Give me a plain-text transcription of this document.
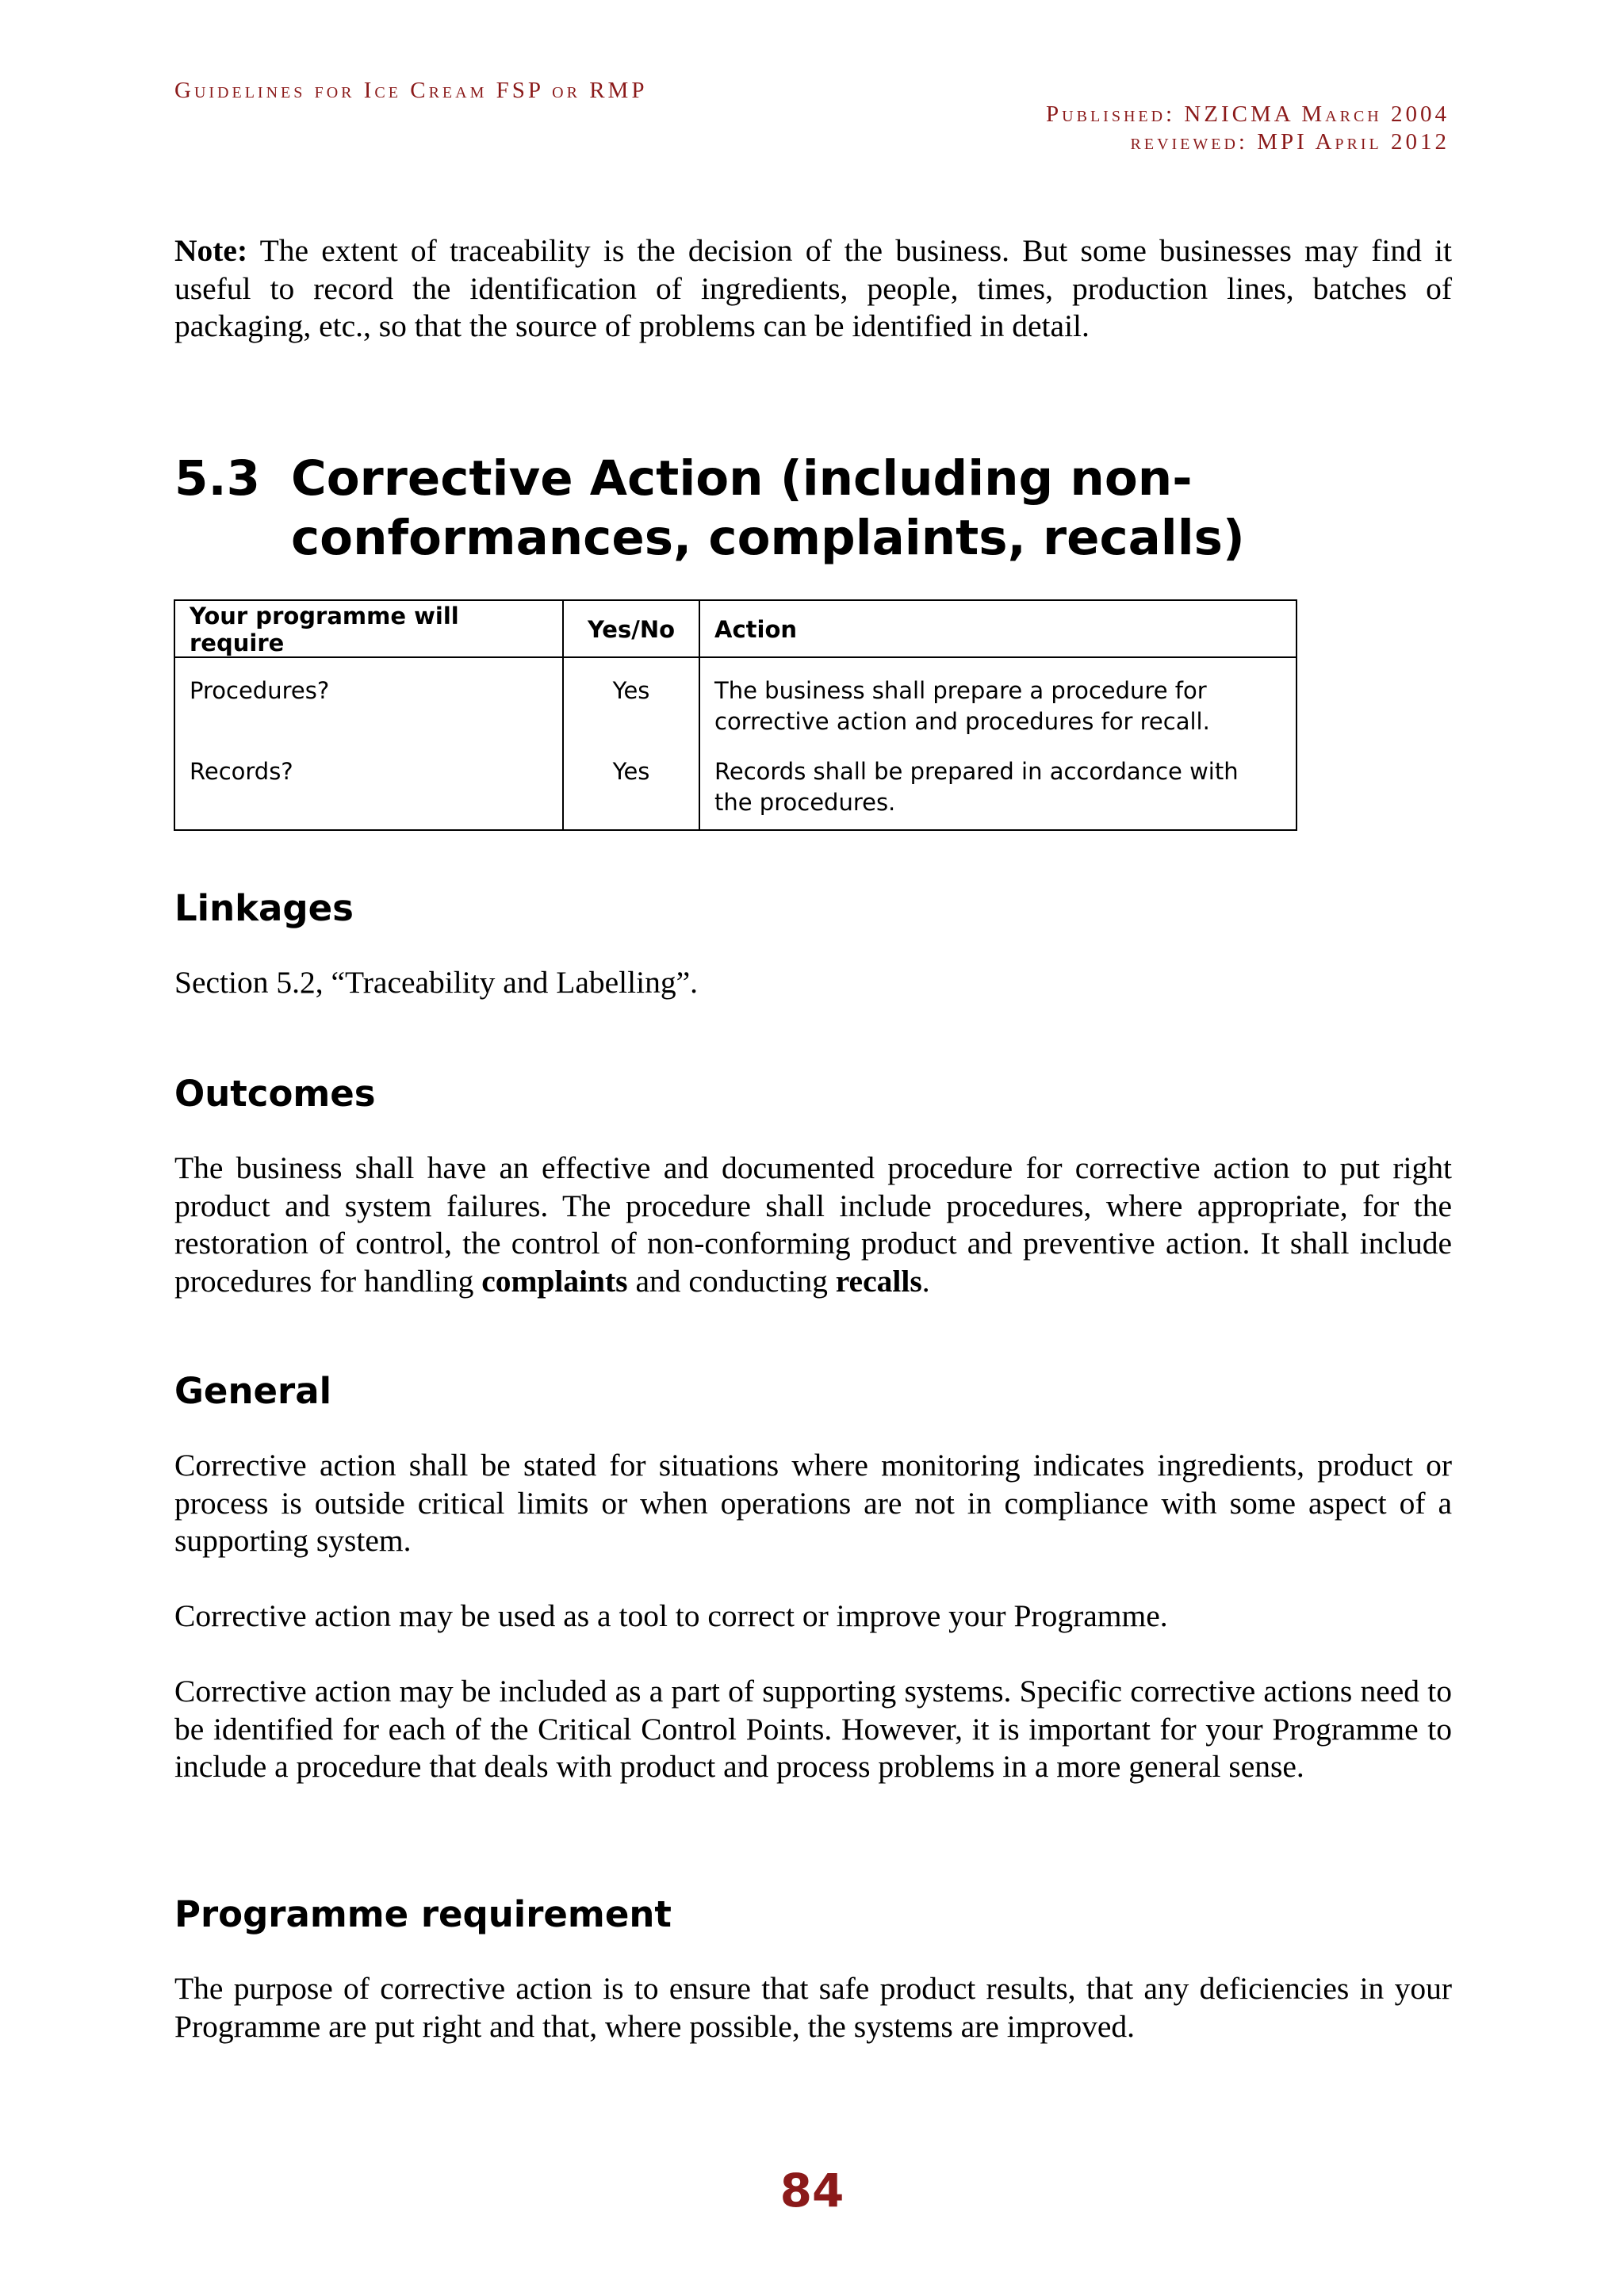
Guidelines for Ice Cream FSP or RMP
Published: NZICMA March 2004
reviewed: MPI April 2012

Note: The extent of traceability is the decision of the business. But some businesses may find it useful to record the identification of ingredients, people, times, production lines, batches of packaging, etc., so that the source of problems can be identified in detail.

5.3 Corrective Action (including non-
conformances, complaints, recalls)
Your programme will require	Yes/No	Action
Procedures?	Yes	The business shall prepare a procedure for corrective action and procedures for recall.
Records?	Yes	Records shall be prepared in accordance with the procedures.
Linkages

Section 5.2, “Traceability and Labelling”.

Outcomes

The business shall have an effective and documented procedure for corrective action to put right product and system failures. The procedure shall include procedures, where appropriate, for the restoration of control, the control of non-conforming product and preventive action. It shall include procedures for handling complaints and conducting recalls.

General

Corrective action shall be stated for situations where monitoring indicates ingredients, product or process is outside critical limits or when operations are not in compliance with some aspect of a supporting system.

Corrective action may be used as a tool to correct or improve your Programme.

Corrective action may be included as a part of supporting systems. Specific corrective actions need to be identified for each of the Critical Control Points. However, it is important for your Programme to include a procedure that deals with product and process problems in a more general sense.

Programme requirement

The purpose of corrective action is to ensure that safe product results, that any deficiencies in your Programme are put right and that, where possible, the systems are improved.

84
